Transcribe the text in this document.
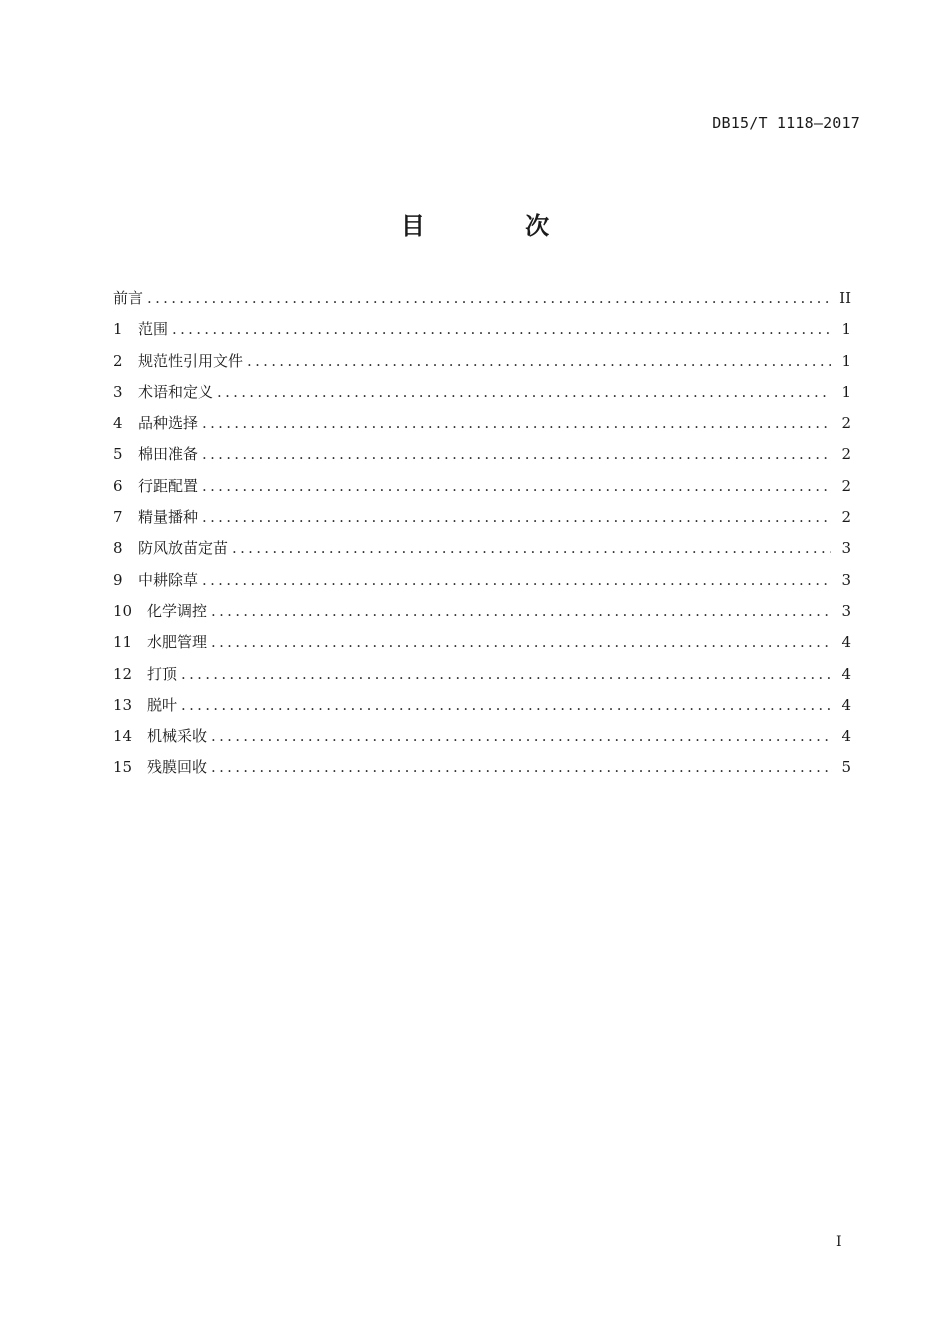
DB15/T 1118—2017
目 次
前言 .....	II
1	范围 .....	1
2	规范性引用文件 .....	1
3	术语和定义 .....	1
4	品种选择 .....	2
5	棉田准备 .....	2
6	行距配置 .....	2
7	精量播种 .....	2
8	防风放苗定苗 .....	3
9	中耕除草 .....	3
10 化学调控 .....	3
11 水肥管理 .....	4
12 打顶 .....	4
13 脱叶 .....	4
14 机械采收 .....	4
15 残膜回收 .....	5
I
